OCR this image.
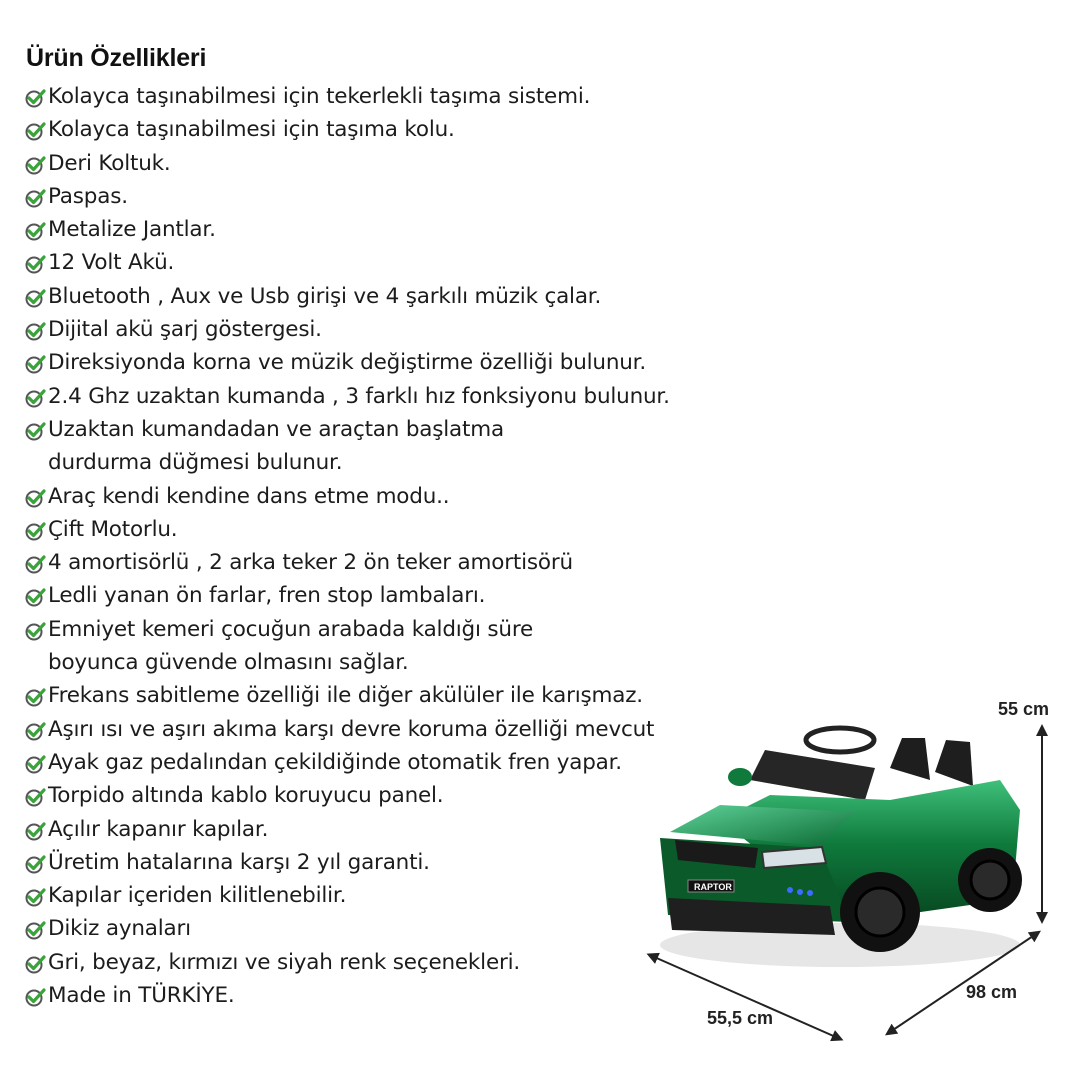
Ürün Özellikleri
Kolayca taşınabilmesi için tekerlekli taşıma sistemi.
Kolayca taşınabilmesi için taşıma kolu.
Deri Koltuk.
Paspas.
Metalize Jantlar.
12 Volt Akü.
Bluetooth , Aux ve Usb girişi ve 4 şarkılı müzik çalar.
Dijital akü şarj göstergesi.
Direksiyonda korna ve müzik değiştirme özelliği bulunur.
2.4 Ghz uzaktan kumanda , 3 farklı hız fonksiyonu bulunur.
Uzaktan kumandadan ve araçtan başlatma
durdurma düğmesi bulunur.
Araç kendi kendine dans etme modu..
Çift Motorlu.
4 amortisörlü , 2 arka teker 2 ön teker amortisörü
Ledli yanan ön farlar, fren stop lambaları.
Emniyet kemeri çocuğun arabada kaldığı süre
boyunca güvende olmasını sağlar.
Frekans sabitleme özelliği ile diğer akülüler ile karışmaz.
Aşırı ısı ve aşırı akıma karşı devre koruma özelliği mevcut
Ayak gaz pedalından çekildiğinde otomatik fren yapar.
Torpido altında kablo koruyucu panel.
Açılır kapanır kapılar.
Üretim hatalarına karşı 2 yıl garanti.
Kapılar içeriden kilitlenebilir.
Dikiz aynaları
Gri, beyaz, kırmızı ve siyah renk seçenekleri.
Made in TÜRKİYE.
RAPTOR
55 cm
98 cm
55,5 cm
